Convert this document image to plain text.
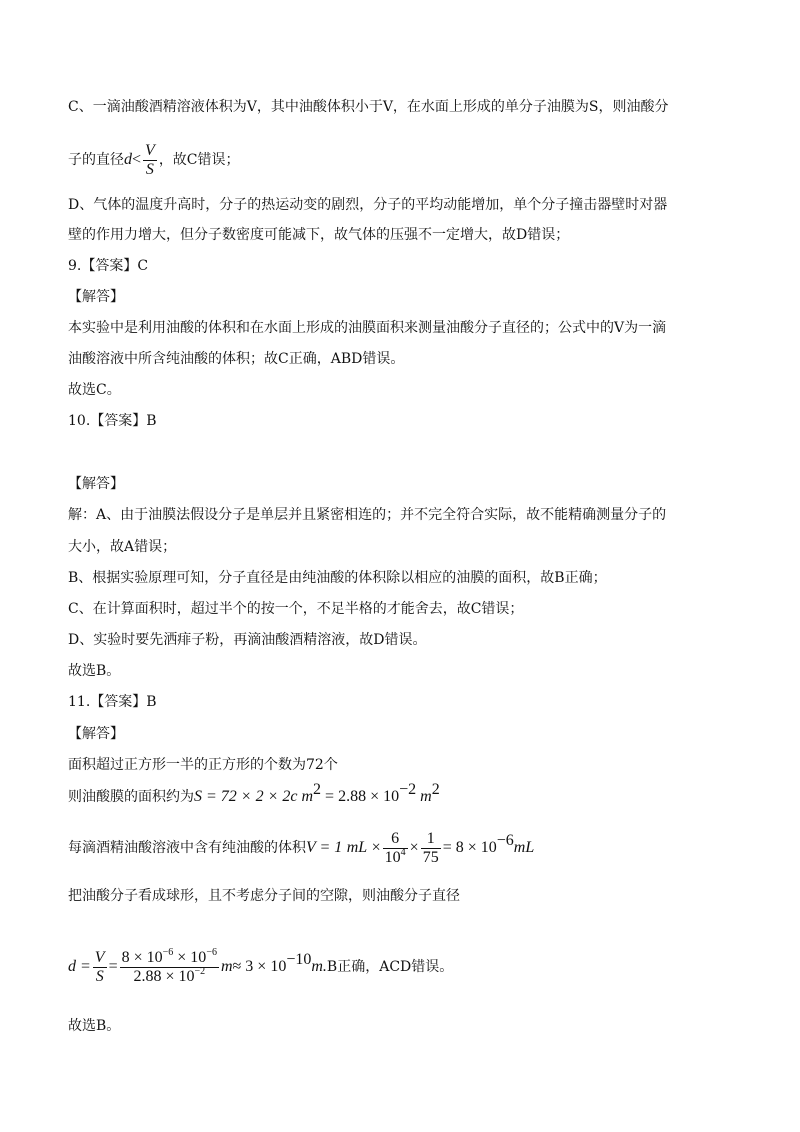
C、一滴油酸酒精溶液体积为V，其中油酸体积小于V，在水面上形成的单分子油膜为S，则油酸分
子的直径$d< \frac{V}{S}$ ，故C错误；
D、气体的温度升高时，分子的热运动变的剧烈，分子的平均动能增加，单个分子撞击器壁时对器
壁的作用力增大，但分子数密度可能减下，故气体的压强不一定增大，故D错误；
9.【答案】C
【解答】
本实验中是利用油酸的体积和在水面上形成的油膜面积来测量油酸分子直径的；公式中的V为一滴
油酸溶液中所含纯油酸的体积；故C正确，ABD错误。
故选C。
10.【答案】B
【解答】
解：A、由于油膜法假设分子是单层并且紧密相连的；并不完全符合实际，故不能精确测量分子的
大小，故A错误；
B、根据实验原理可知，分子直径是由纯油酸的体积除以相应的油膜的面积，故B正确；
C、在计算面积时，超过半个的按一个，不足半格的才能舍去，故C错误；
D、实验时要先洒痱子粉，再滴油酸酒精溶液，故D错误。
故选B。
11.【答案】B
【解答】
面积超过正方形一半的正方形的个数为72个
则油酸膜的面积约为S = 72 × 2 × 2c $m^2 = 2.88 \times 10^{-2}$ $m^2$
每滴酒精油酸溶液中含有纯油酸的体积V = 1 mL × $\frac{6}{10^4} \times \frac{1}{75} = 8 \times 10^{-6}mL$
把油酸分子看成球形，且不考虑分子间的空隙，则油酸分子直径
$d = \frac{V}{S} = \frac{8 \times 10^{-6} \times 10^{-6}}{2.88 \times 10^{-2}} m\approx 3 \times 10^{-10}m.B$正确，ACD错误。
故选B。
